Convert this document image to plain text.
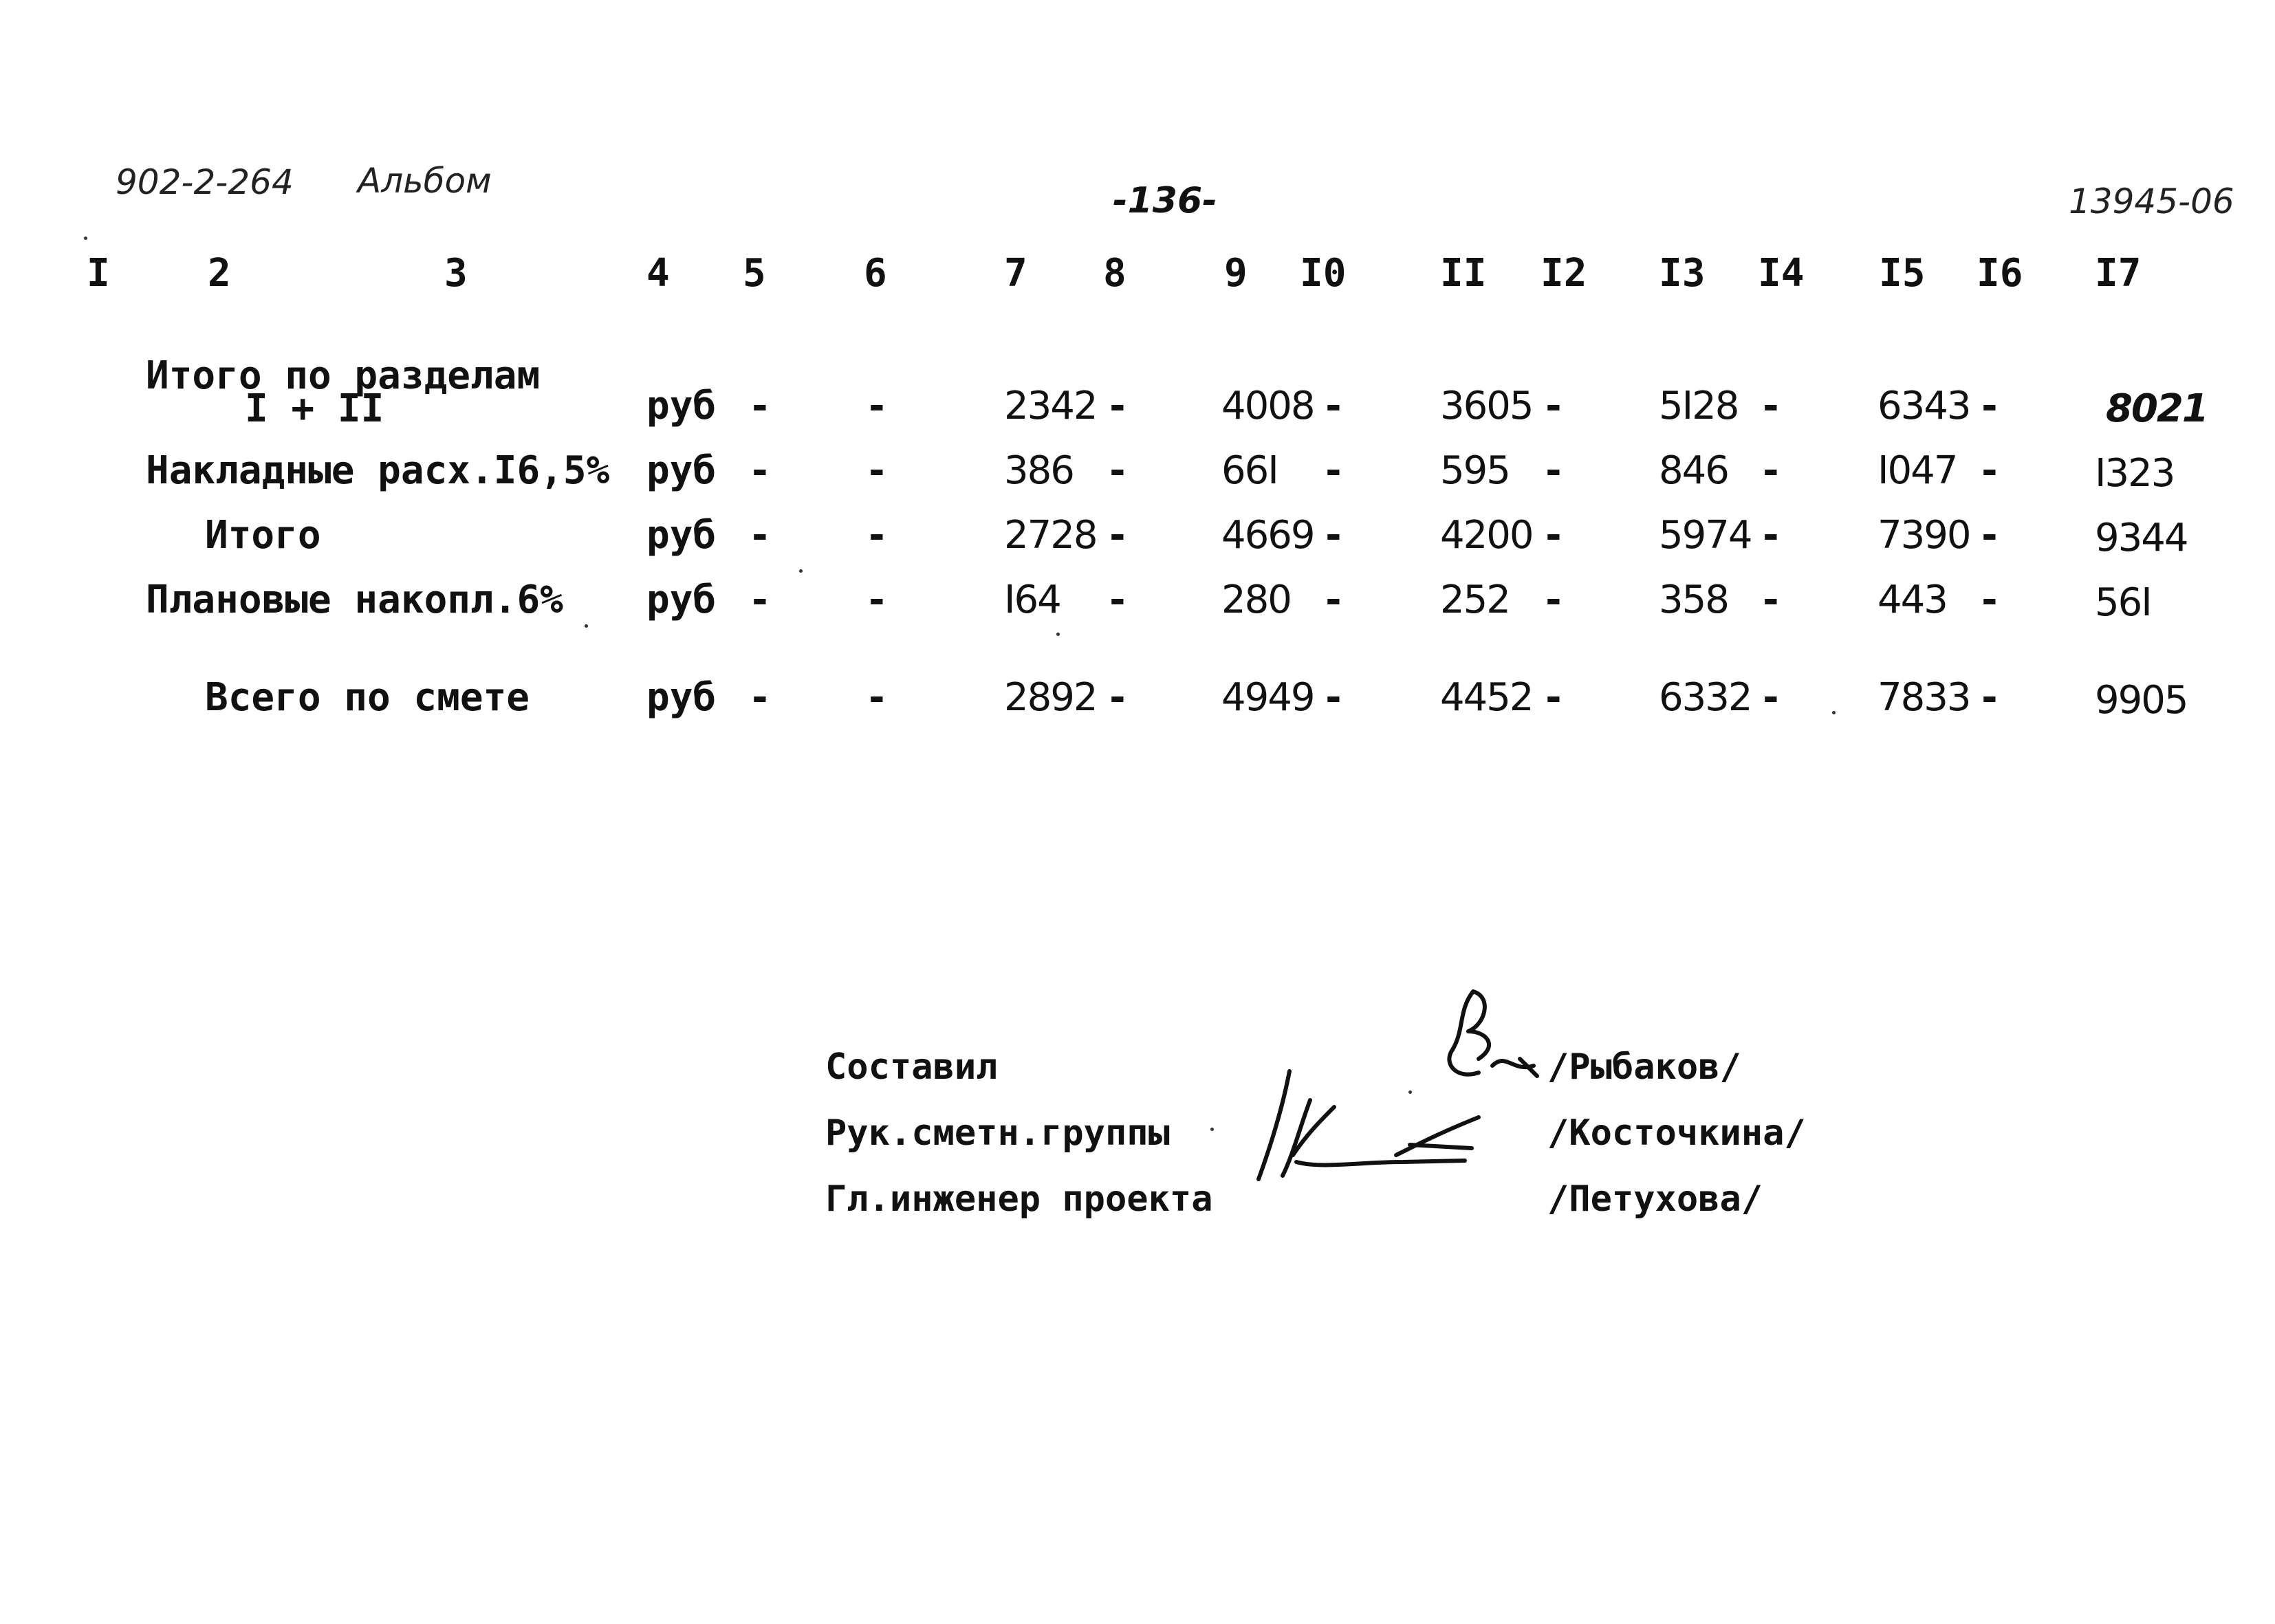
902-2-264 Альбом	-136-	13945-06
I	2	3	4 5	6	7 8	9 I0 II I2 I3 I4 I5 I6 I7
Итого по разделам
I + II	руб - -	2342 - 4008 - 3605 - 5I28 - 6343 -	8021
Накладные расх.I6,5% руб - -	386 - 66I - 595 - 846 - I047 - I323
Итого	руб - -	2728 - 4669 - 4200 - 5974 - 7390 - 9344
Плановые накопл.6% руб - -	I64 - 280 - 252 - 358 - 443 - 56I
Всего по смете	руб - -	2892 - 4949 - 4452 - 6332 - 7833 - 9905
Составил
Рук.сметн.группы
Гл.инженер проекта
/Рыбаков/
/Косточкина/
/Петухова/
